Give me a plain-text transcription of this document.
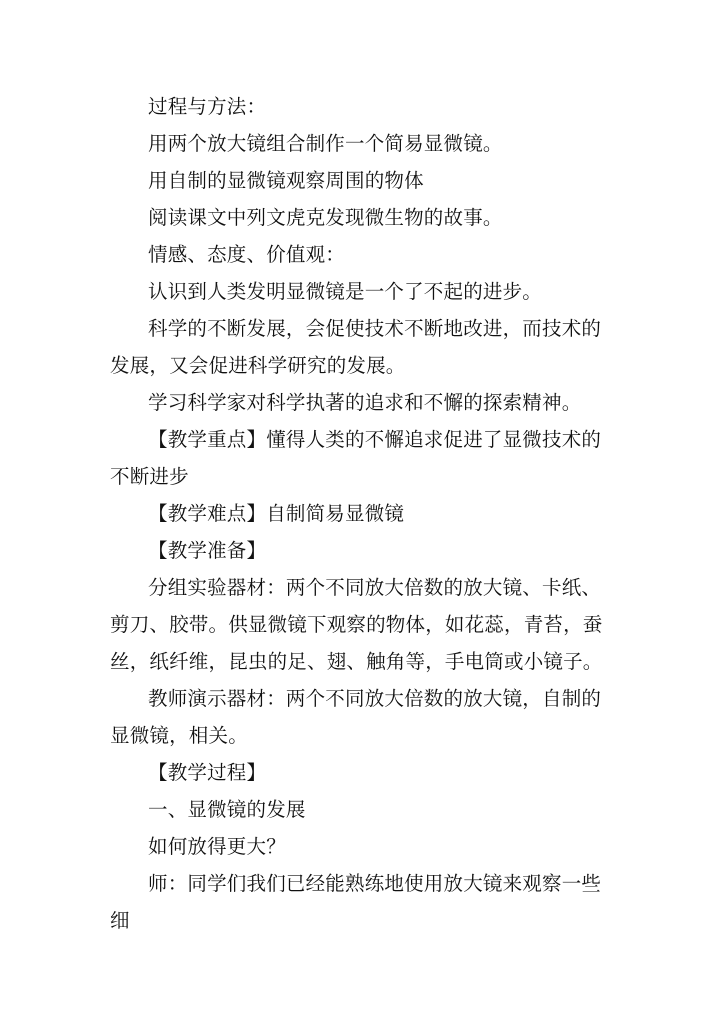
过程与方法：

用两个放大镜组合制作一个简易显微镜。

用自制的显微镜观察周围的物体

阅读课文中列文虎克发现微生物的故事。

情感、态度、价值观：

认识到人类发明显微镜是一个了不起的进步。

科学的不断发展，会促使技术不断地改进，而技术的发展，又会促进科学研究的发展。

学习科学家对科学执著的追求和不懈的探索精神。

【教学重点】懂得人类的不懈追求促进了显微技术的不断进步

【教学难点】自制简易显微镜

【教学准备】

分组实验器材：两个不同放大倍数的放大镜、卡纸、剪刀、胶带。供显微镜下观察的物体，如花蕊，青苔，蚕丝，纸纤维，昆虫的足、翅、触角等，手电筒或小镜子。

教师演示器材：两个不同放大倍数的放大镜，自制的显微镜，相关。

【教学过程】

一、显微镜的发展

如何放得更大？

师：同学们我们已经能熟练地使用放大镜来观察一些细
